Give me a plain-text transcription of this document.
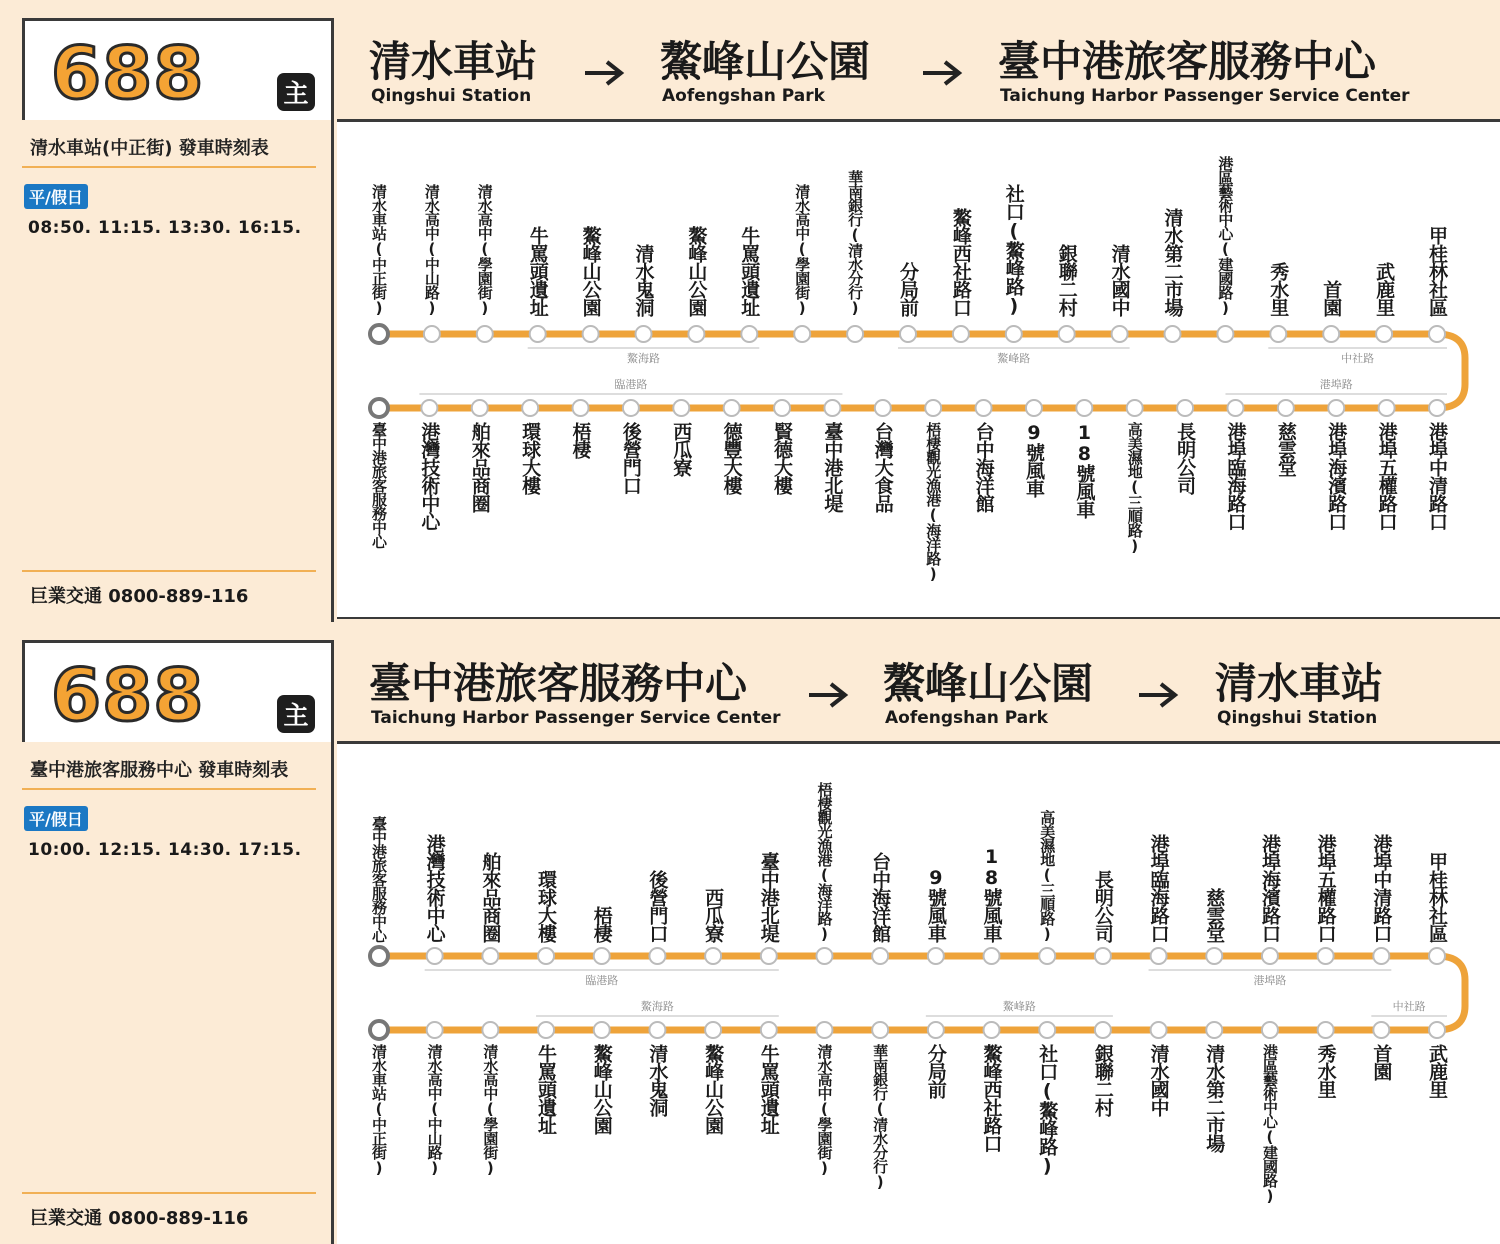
688	主
清水車站(中正街) 發車時刻表
平/假日
08:50. 11:15. 13:30. 16:15.
巨業交通 0800-889-116
清水車站
Qingshui Station
鰲峰山公園
Aofengshan Park
臺中港旅客服務中心
Taichung Harbor Passenger Service Center
鰲海路	鰲峰路	中社路
臨港路	港埠路
清水車站(中正街) 清水高中(中山路) 清水高中(學園街) 牛罵頭遺址 鰲峰山公園 清水鬼洞 鰲峰山公園 牛罵頭遺址 清水高中(學園街) 華南銀行(清水分行) 分局前 鰲峰西社路口 社口(鰲峰路) 銀聯二村 清水國中 清水第二市場 港區藝術中心(建國路) 秀水里 首園 武鹿里 甲桂林社區
臺中港旅客服務中心 港灣技術中心 舶來品商圈 環球大樓 梧棲 後營門口 西瓜寮 德豐大樓 賢德大樓 臺中港北堤 台灣大食品 梧棲觀光漁港(海洋路) 台中海洋館 9號風車 18號風車 高美濕地(三順路) 長明公司 港埠臨海路口 慈雲堂 港埠海濱路口 港埠五權路口 港埠中清路口
688	主
臺中港旅客服務中心 發車時刻表
平/假日
10:00. 12:15. 14:30. 17:15.
巨業交通 0800-889-116
臺中港旅客服務中心
Taichung Harbor Passenger Service Center
鰲峰山公園
Aofengshan Park
清水車站
Qingshui Station
臨港路	港埠路
鰲海路	鰲峰路	中社路
臺中港旅客服務中心 港灣技術中心 舶來品商圈 環球大樓 梧棲 後營門口 西瓜寮 臺中港北堤 梧棲觀光漁港(海洋路) 台中海洋館 9號風車 18號風車 高美濕地(三順路) 長明公司 港埠臨海路口 慈雲堂 港埠海濱路口 港埠五權路口 港埠中清路口 甲桂林社區
清水車站(中正街)	清水高中(中山路)	清水高中(學園街) 牛罵頭遺址 鰲峰山公園 清水鬼洞 鰲峰山公園 牛罵頭遺址 清水高中(學園街)	華南銀行(清水分行) 分局前 鰲峰西社路口 社口(鰲峰路) 銀聯二村 清水國中 清水第二市場 港區藝術中心(建國路) 秀水里 首園 武鹿里
